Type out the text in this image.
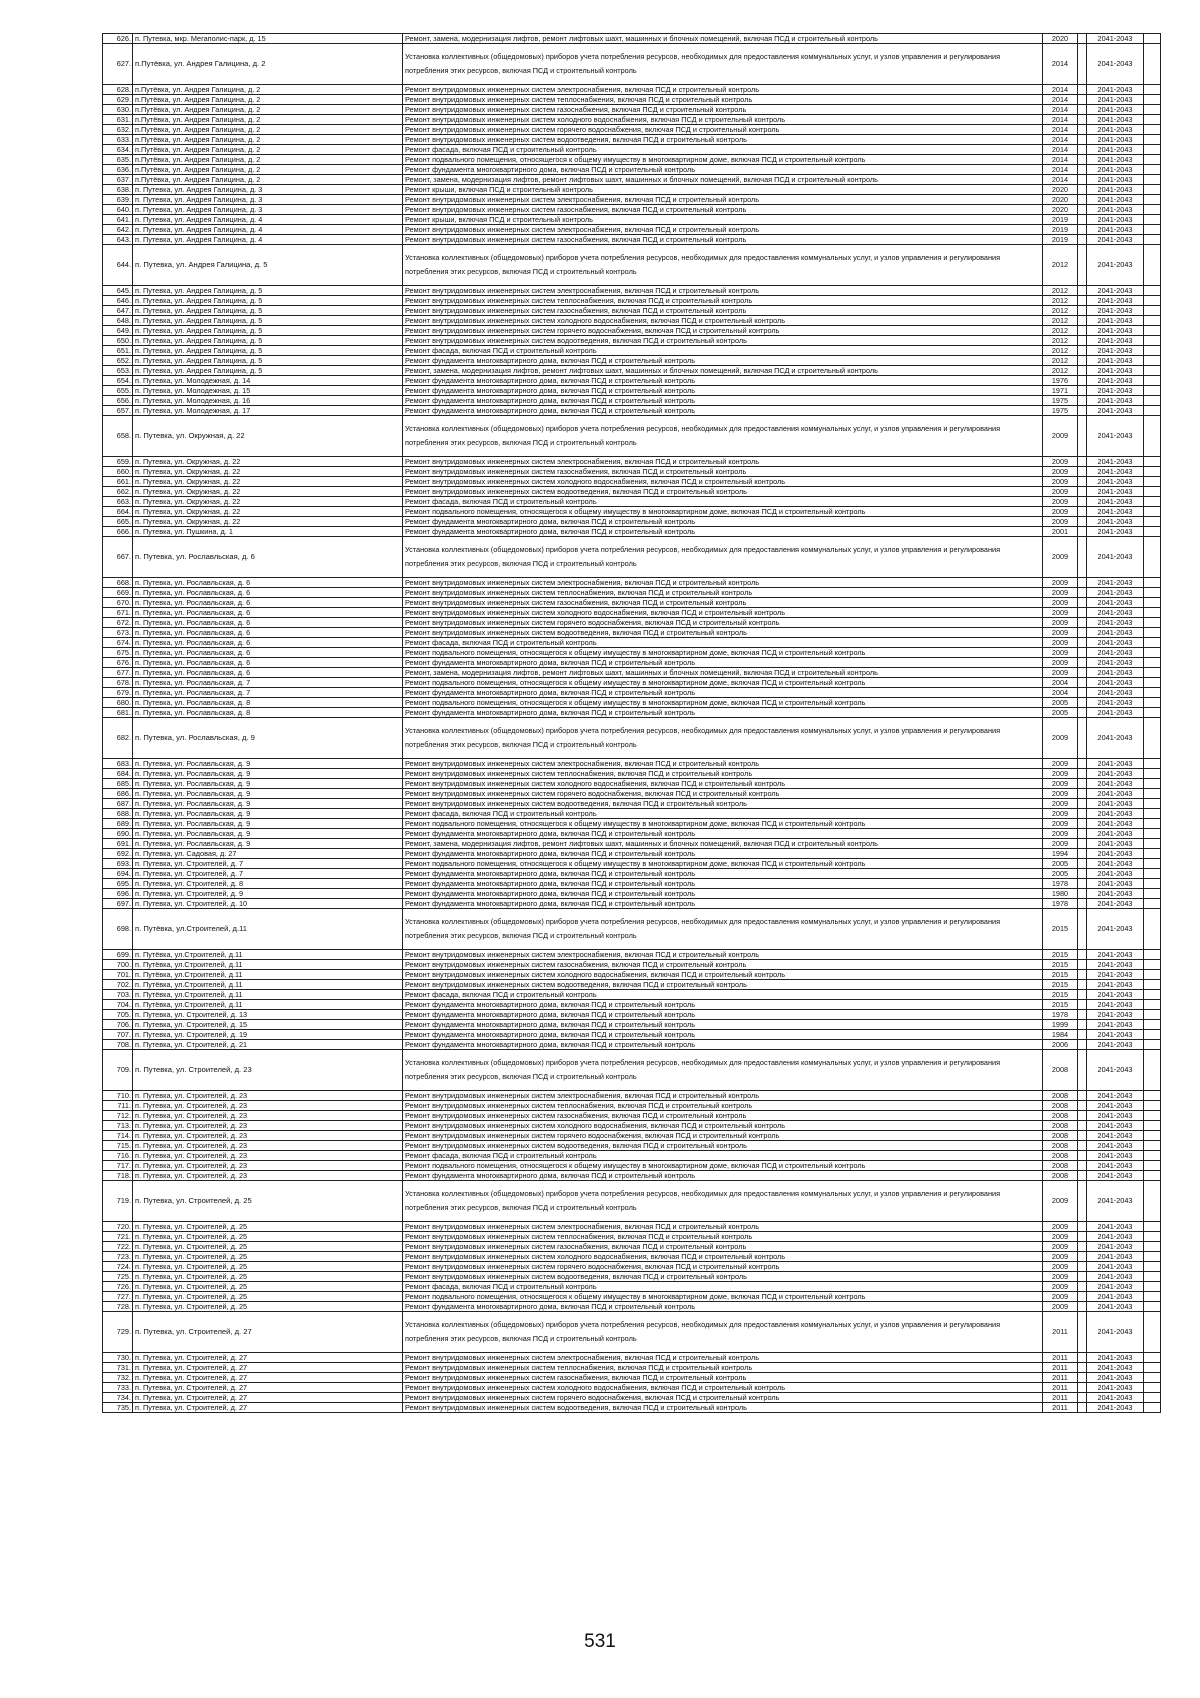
626.	п. Путевка, мкр. Мегаполис-парк, д. 15	Ремонт, замена, модернизация лифтов, ремонт лифтовых шахт, машинных и блочных помещений, включая ПСД и строительный контроль	2020		2041-2043	
627.	п.Путёвка, ул. Андрея Галицина, д. 2	Установка коллективных (общедомовых) приборов учета потребления ресурсов, необходимых для предоставления коммунальных услуг, и узлов управления и регулирования потребления этих ресурсов, включая ПСД и строительный контроль	2014		2041-2043	
628.	п.Путёвка, ул. Андрея Галицина, д. 2	Ремонт внутридомовых инженерных систем электроснабжения, включая ПСД и строительный контроль	2014		2041-2043	
629.	п.Путёвка, ул. Андрея Галицина, д. 2	Ремонт внутридомовых инженерных систем теплоснабжения, включая ПСД и строительный контроль	2014		2041-2043	
630.	п.Путёвка, ул. Андрея Галицина, д. 2	Ремонт внутридомовых инженерных систем газоснабжения, включая ПСД и строительный контроль	2014		2041-2043	
631.	п.Путёвка, ул. Андрея Галицина, д. 2	Ремонт внутридомовых инженерных систем холодного водоснабжения, включая ПСД и строительный контроль	2014		2041-2043	
632.	п.Путёвка, ул. Андрея Галицина, д. 2	Ремонт внутридомовых инженерных систем горячего водоснабжения, включая ПСД и строительный контроль	2014		2041-2043	
633.	п.Путёвка, ул. Андрея Галицина, д. 2	Ремонт внутридомовых инженерных систем водоотведения, включая ПСД и строительный контроль	2014		2041-2043	
634.	п.Путёвка, ул. Андрея Галицина, д. 2	Ремонт фасада, включая ПСД и строительный контроль	2014		2041-2043	
635.	п.Путёвка, ул. Андрея Галицина, д. 2	Ремонт подвального помещения, относящегося к общему имуществу в многоквартирном доме, включая ПСД и строительный контроль	2014		2041-2043	
636.	п.Путёвка, ул. Андрея Галицина, д. 2	Ремонт фундамента многоквартирного дома, включая ПСД и строительный контроль	2014		2041-2043	
637.	п.Путёвка, ул. Андрея Галицина, д. 2	Ремонт, замена, модернизация лифтов, ремонт лифтовых шахт, машинных и блочных помещений, включая ПСД и строительный контроль	2014		2041-2043	
638.	п. Путевка, ул. Андрея Галицина, д. 3	Ремонт крыши, включая ПСД и строительный контроль	2020		2041-2043	
639.	п. Путевка, ул. Андрея Галицина, д. 3	Ремонт внутридомовых инженерных систем электроснабжения, включая ПСД и строительный контроль	2020		2041-2043	
640.	п. Путевка, ул. Андрея Галицина, д. 3	Ремонт внутридомовых инженерных систем газоснабжения, включая ПСД и строительный контроль	2020		2041-2043	
641.	п. Путевка, ул. Андрея Галицина, д. 4	Ремонт крыши, включая ПСД и строительный контроль	2019		2041-2043	
642.	п. Путевка, ул. Андрея Галицина, д. 4	Ремонт внутридомовых инженерных систем электроснабжения, включая ПСД и строительный контроль	2019		2041-2043	
643.	п. Путевка, ул. Андрея Галицина, д. 4	Ремонт внутридомовых инженерных систем газоснабжения, включая ПСД и строительный контроль	2019		2041-2043	
644.	п. Путевка, ул. Андрея Галицина, д. 5	Установка коллективных (общедомовых) приборов учета потребления ресурсов, необходимых для предоставления коммунальных услуг, и узлов управления и регулирования потребления этих ресурсов, включая ПСД и строительный контроль	2012		2041-2043	
645.	п. Путевка, ул. Андрея Галицина, д. 5	Ремонт внутридомовых инженерных систем электроснабжения, включая ПСД и строительный контроль	2012		2041-2043	
646.	п. Путевка, ул. Андрея Галицина, д. 5	Ремонт внутридомовых инженерных систем теплоснабжения, включая ПСД и строительный контроль	2012		2041-2043	
647.	п. Путевка, ул. Андрея Галицина, д. 5	Ремонт внутридомовых инженерных систем газоснабжения, включая ПСД и строительный контроль	2012		2041-2043	
648.	п. Путевка, ул. Андрея Галицина, д. 5	Ремонт внутридомовых инженерных систем холодного водоснабжения, включая ПСД и строительный контроль	2012		2041-2043	
649.	п. Путевка, ул. Андрея Галицина, д. 5	Ремонт внутридомовых инженерных систем горячего водоснабжения, включая ПСД и строительный контроль	2012		2041-2043	
650.	п. Путевка, ул. Андрея Галицина, д. 5	Ремонт внутридомовых инженерных систем водоотведения, включая ПСД и строительный контроль	2012		2041-2043	
651.	п. Путевка, ул. Андрея Галицина, д. 5	Ремонт фасада, включая ПСД и строительный контроль	2012		2041-2043	
652.	п. Путевка, ул. Андрея Галицина, д. 5	Ремонт фундамента многоквартирного дома, включая ПСД и строительный контроль	2012		2041-2043	
653.	п. Путевка, ул. Андрея Галицина, д. 5	Ремонт, замена, модернизация лифтов, ремонт лифтовых шахт, машинных и блочных помещений, включая ПСД и строительный контроль	2012		2041-2043	
654.	п. Путевка, ул. Молодежная, д. 14	Ремонт фундамента многоквартирного дома, включая ПСД и строительный контроль	1976		2041-2043	
655.	п. Путевка, ул. Молодежная, д. 15	Ремонт фундамента многоквартирного дома, включая ПСД и строительный контроль	1971		2041-2043	
656.	п. Путевка, ул. Молодежная, д. 16	Ремонт фундамента многоквартирного дома, включая ПСД и строительный контроль	1975		2041-2043	
657.	п. Путевка, ул. Молодежная, д. 17	Ремонт фундамента многоквартирного дома, включая ПСД и строительный контроль	1975		2041-2043	
658.	п. Путевка, ул. Окружная, д. 22	Установка коллективных (общедомовых) приборов учета потребления ресурсов, необходимых для предоставления коммунальных услуг, и узлов управления и регулирования потребления этих ресурсов, включая ПСД и строительный контроль	2009		2041-2043	
659.	п. Путевка, ул. Окружная, д. 22	Ремонт внутридомовых инженерных систем электроснабжения, включая ПСД и строительный контроль	2009		2041-2043	
660.	п. Путевка, ул. Окружная, д. 22	Ремонт внутридомовых инженерных систем газоснабжения, включая ПСД и строительный контроль	2009		2041-2043	
661.	п. Путевка, ул. Окружная, д. 22	Ремонт внутридомовых инженерных систем холодного водоснабжения, включая ПСД и строительный контроль	2009		2041-2043	
662.	п. Путевка, ул. Окружная, д. 22	Ремонт внутридомовых инженерных систем водоотведения, включая ПСД и строительный контроль	2009		2041-2043	
663.	п. Путевка, ул. Окружная, д. 22	Ремонт фасада, включая ПСД и строительный контроль	2009		2041-2043	
664.	п. Путевка, ул. Окружная, д. 22	Ремонт подвального помещения, относящегося к общему имуществу в многоквартирном доме, включая ПСД и строительный контроль	2009		2041-2043	
665.	п. Путевка, ул. Окружная, д. 22	Ремонт фундамента многоквартирного дома, включая ПСД и строительный контроль	2009		2041-2043	
666.	п. Путевка, ул. Пушкина, д. 1	Ремонт фундамента многоквартирного дома, включая ПСД и строительный контроль	2001		2041-2043	
667.	п. Путевка, ул. Рославльская, д. 6	Установка коллективных (общедомовых) приборов учета потребления ресурсов, необходимых для предоставления коммунальных услуг, и узлов управления и регулирования потребления этих ресурсов, включая ПСД и строительный контроль	2009		2041-2043	
668.	п. Путевка, ул. Рославльская, д. 6	Ремонт внутридомовых инженерных систем электроснабжения, включая ПСД и строительный контроль	2009		2041-2043	
669.	п. Путевка, ул. Рославльская, д. 6	Ремонт внутридомовых инженерных систем теплоснабжения, включая ПСД и строительный контроль	2009		2041-2043	
670.	п. Путевка, ул. Рославльская, д. 6	Ремонт внутридомовых инженерных систем газоснабжения, включая ПСД и строительный контроль	2009		2041-2043	
671.	п. Путевка, ул. Рославльская, д. 6	Ремонт внутридомовых инженерных систем холодного водоснабжения, включая ПСД и строительный контроль	2009		2041-2043	
672.	п. Путевка, ул. Рославльская, д. 6	Ремонт внутридомовых инженерных систем горячего водоснабжения, включая ПСД и строительный контроль	2009		2041-2043	
673.	п. Путевка, ул. Рославльская, д. 6	Ремонт внутридомовых инженерных систем водоотведения, включая ПСД и строительный контроль	2009		2041-2043	
674.	п. Путевка, ул. Рославльская, д. 6	Ремонт фасада, включая ПСД и строительный контроль	2009		2041-2043	
675.	п. Путевка, ул. Рославльская, д. 6	Ремонт подвального помещения, относящегося к общему имуществу в многоквартирном доме, включая ПСД и строительный контроль	2009		2041-2043	
676.	п. Путевка, ул. Рославльская, д. 6	Ремонт фундамента многоквартирного дома, включая ПСД и строительный контроль	2009		2041-2043	
677.	п. Путевка, ул. Рославльская, д. 6	Ремонт, замена, модернизация лифтов, ремонт лифтовых шахт, машинных и блочных помещений, включая ПСД и строительный контроль	2009		2041-2043	
678.	п. Путевка, ул. Рославльская, д. 7	Ремонт подвального помещения, относящегося к общему имуществу в многоквартирном доме, включая ПСД и строительный контроль	2004		2041-2043	
679.	п. Путевка, ул. Рославльская, д. 7	Ремонт фундамента многоквартирного дома, включая ПСД и строительный контроль	2004		2041-2043	
680.	п. Путевка, ул. Рославльская, д. 8	Ремонт подвального помещения, относящегося к общему имуществу в многоквартирном доме, включая ПСД и строительный контроль	2005		2041-2043	
681.	п. Путевка, ул. Рославльская, д. 8	Ремонт фундамента многоквартирного дома, включая ПСД и строительный контроль	2005		2041-2043	
682.	п. Путевка, ул. Рославльская, д. 9	Установка коллективных (общедомовых) приборов учета потребления ресурсов, необходимых для предоставления коммунальных услуг, и узлов управления и регулирования потребления этих ресурсов, включая ПСД и строительный контроль	2009		2041-2043	
683.	п. Путевка, ул. Рославльская, д. 9	Ремонт внутридомовых инженерных систем электроснабжения, включая ПСД и строительный контроль	2009		2041-2043	
684.	п. Путевка, ул. Рославльская, д. 9	Ремонт внутридомовых инженерных систем теплоснабжения, включая ПСД и строительный контроль	2009		2041-2043	
685.	п. Путевка, ул. Рославльская, д. 9	Ремонт внутридомовых инженерных систем холодного водоснабжения, включая ПСД и строительный контроль	2009		2041-2043	
686.	п. Путевка, ул. Рославльская, д. 9	Ремонт внутридомовых инженерных систем горячего водоснабжения, включая ПСД и строительный контроль	2009		2041-2043	
687.	п. Путевка, ул. Рославльская, д. 9	Ремонт внутридомовых инженерных систем водоотведения, включая ПСД и строительный контроль	2009		2041-2043	
688.	п. Путевка, ул. Рославльская, д. 9	Ремонт фасада, включая ПСД и строительный контроль	2009		2041-2043	
689.	п. Путевка, ул. Рославльская, д. 9	Ремонт подвального помещения, относящегося к общему имуществу в многоквартирном доме, включая ПСД и строительный контроль	2009		2041-2043	
690.	п. Путевка, ул. Рославльская, д. 9	Ремонт фундамента многоквартирного дома, включая ПСД и строительный контроль	2009		2041-2043	
691.	п. Путевка, ул. Рославльская, д. 9	Ремонт, замена, модернизация лифтов, ремонт лифтовых шахт, машинных и блочных помещений, включая ПСД и строительный контроль	2009		2041-2043	
692.	п. Путевка, ул. Садовая, д. 27	Ремонт фундамента многоквартирного дома, включая ПСД и строительный контроль	1994		2041-2043	
693.	п. Путевка, ул. Строителей, д. 7	Ремонт подвального помещения, относящегося к общему имуществу в многоквартирном доме, включая ПСД и строительный контроль	2005		2041-2043	
694.	п. Путевка, ул. Строителей, д. 7	Ремонт фундамента многоквартирного дома, включая ПСД и строительный контроль	2005		2041-2043	
695.	п. Путевка, ул. Строителей, д. 8	Ремонт фундамента многоквартирного дома, включая ПСД и строительный контроль	1978		2041-2043	
696.	п. Путевка, ул. Строителей, д. 9	Ремонт фундамента многоквартирного дома, включая ПСД и строительный контроль	1980		2041-2043	
697.	п. Путевка, ул. Строителей, д. 10	Ремонт фундамента многоквартирного дома, включая ПСД и строительный контроль	1978		2041-2043	
698.	п. Путёвка, ул.Строителей, д.11	Установка коллективных (общедомовых) приборов учета потребления ресурсов, необходимых для предоставления коммунальных услуг, и узлов управления и регулирования потребления этих ресурсов, включая ПСД и строительный контроль	2015		2041-2043	
699.	п. Путёвка, ул.Строителей, д.11	Ремонт внутридомовых инженерных систем электроснабжения, включая ПСД и строительный контроль	2015		2041-2043	
700.	п. Путёвка, ул.Строителей, д.11	Ремонт внутридомовых инженерных систем газоснабжения, включая ПСД и строительный контроль	2015		2041-2043	
701.	п. Путёвка, ул.Строителей, д.11	Ремонт внутридомовых инженерных систем холодного водоснабжения, включая ПСД и строительный контроль	2015		2041-2043	
702.	п. Путёвка, ул.Строителей, д.11	Ремонт внутридомовых инженерных систем водоотведения, включая ПСД и строительный контроль	2015		2041-2043	
703.	п. Путёвка, ул.Строителей, д.11	Ремонт фасада, включая ПСД и строительный контроль	2015		2041-2043	
704.	п. Путёвка, ул.Строителей, д.11	Ремонт фундамента многоквартирного дома, включая ПСД и строительный контроль	2015		2041-2043	
705.	п. Путевка, ул. Строителей, д. 13	Ремонт фундамента многоквартирного дома, включая ПСД и строительный контроль	1978		2041-2043	
706.	п. Путевка, ул. Строителей, д. 15	Ремонт фундамента многоквартирного дома, включая ПСД и строительный контроль	1999		2041-2043	
707.	п. Путевка, ул. Строителей, д. 19	Ремонт фундамента многоквартирного дома, включая ПСД и строительный контроль	1984		2041-2043	
708.	п. Путевка, ул. Строителей, д. 21	Ремонт фундамента многоквартирного дома, включая ПСД и строительный контроль	2006		2041-2043	
709.	п. Путевка, ул. Строителей, д. 23	Установка коллективных (общедомовых) приборов учета потребления ресурсов, необходимых для предоставления коммунальных услуг, и узлов управления и регулирования потребления этих ресурсов, включая ПСД и строительный контроль	2008		2041-2043	
710.	п. Путевка, ул. Строителей, д. 23	Ремонт внутридомовых инженерных систем электроснабжения, включая ПСД и строительный контроль	2008		2041-2043	
711.	п. Путевка, ул. Строителей, д. 23	Ремонт внутридомовых инженерных систем теплоснабжения, включая ПСД и строительный контроль	2008		2041-2043	
712.	п. Путевка, ул. Строителей, д. 23	Ремонт внутридомовых инженерных систем газоснабжения, включая ПСД и строительный контроль	2008		2041-2043	
713.	п. Путевка, ул. Строителей, д. 23	Ремонт внутридомовых инженерных систем холодного водоснабжения, включая ПСД и строительный контроль	2008		2041-2043	
714.	п. Путевка, ул. Строителей, д. 23	Ремонт внутридомовых инженерных систем горячего водоснабжения, включая ПСД и строительный контроль	2008		2041-2043	
715.	п. Путевка, ул. Строителей, д. 23	Ремонт внутридомовых инженерных систем водоотведения, включая ПСД и строительный контроль	2008		2041-2043	
716.	п. Путевка, ул. Строителей, д. 23	Ремонт фасада, включая ПСД и строительный контроль	2008		2041-2043	
717.	п. Путевка, ул. Строителей, д. 23	Ремонт подвального помещения, относящегося к общему имуществу в многоквартирном доме, включая ПСД и строительный контроль	2008		2041-2043	
718.	п. Путевка, ул. Строителей, д. 23	Ремонт фундамента многоквартирного дома, включая ПСД и строительный контроль	2008		2041-2043	
719.	п. Путевка, ул. Строителей, д. 25	Установка коллективных (общедомовых) приборов учета потребления ресурсов, необходимых для предоставления коммунальных услуг, и узлов управления и регулирования потребления этих ресурсов, включая ПСД и строительный контроль	2009		2041-2043	
720.	п. Путевка, ул. Строителей, д. 25	Ремонт внутридомовых инженерных систем электроснабжения, включая ПСД и строительный контроль	2009		2041-2043	
721.	п. Путевка, ул. Строителей, д. 25	Ремонт внутридомовых инженерных систем теплоснабжения, включая ПСД и строительный контроль	2009		2041-2043	
722.	п. Путевка, ул. Строителей, д. 25	Ремонт внутридомовых инженерных систем газоснабжения, включая ПСД и строительный контроль	2009		2041-2043	
723.	п. Путевка, ул. Строителей, д. 25	Ремонт внутридомовых инженерных систем холодного водоснабжения, включая ПСД и строительный контроль	2009		2041-2043	
724.	п. Путевка, ул. Строителей, д. 25	Ремонт внутридомовых инженерных систем горячего водоснабжения, включая ПСД и строительный контроль	2009		2041-2043	
725.	п. Путевка, ул. Строителей, д. 25	Ремонт внутридомовых инженерных систем водоотведения, включая ПСД и строительный контроль	2009		2041-2043	
726.	п. Путевка, ул. Строителей, д. 25	Ремонт фасада, включая ПСД и строительный контроль	2009		2041-2043	
727.	п. Путевка, ул. Строителей, д. 25	Ремонт подвального помещения, относящегося к общему имуществу в многоквартирном доме, включая ПСД и строительный контроль	2009		2041-2043	
728.	п. Путевка, ул. Строителей, д. 25	Ремонт фундамента многоквартирного дома, включая ПСД и строительный контроль	2009		2041-2043	
729.	п. Путевка, ул. Строителей, д. 27	Установка коллективных (общедомовых) приборов учета потребления ресурсов, необходимых для предоставления коммунальных услуг, и узлов управления и регулирования потребления этих ресурсов, включая ПСД и строительный контроль	2011		2041-2043	
730.	п. Путевка, ул. Строителей, д. 27	Ремонт внутридомовых инженерных систем электроснабжения, включая ПСД и строительный контроль	2011		2041-2043	
731.	п. Путевка, ул. Строителей, д. 27	Ремонт внутридомовых инженерных систем теплоснабжения, включая ПСД и строительный контроль	2011		2041-2043	
732.	п. Путевка, ул. Строителей, д. 27	Ремонт внутридомовых инженерных систем газоснабжения, включая ПСД и строительный контроль	2011		2041-2043	
733.	п. Путевка, ул. Строителей, д. 27	Ремонт внутридомовых инженерных систем холодного водоснабжения, включая ПСД и строительный контроль	2011		2041-2043	
734.	п. Путевка, ул. Строителей, д. 27	Ремонт внутридомовых инженерных систем горячего водоснабжения, включая ПСД и строительный контроль	2011		2041-2043	
735.	п. Путевка, ул. Строителей, д. 27	Ремонт внутридомовых инженерных систем водоотведения, включая ПСД и строительный контроль	2011		2041-2043	
531
